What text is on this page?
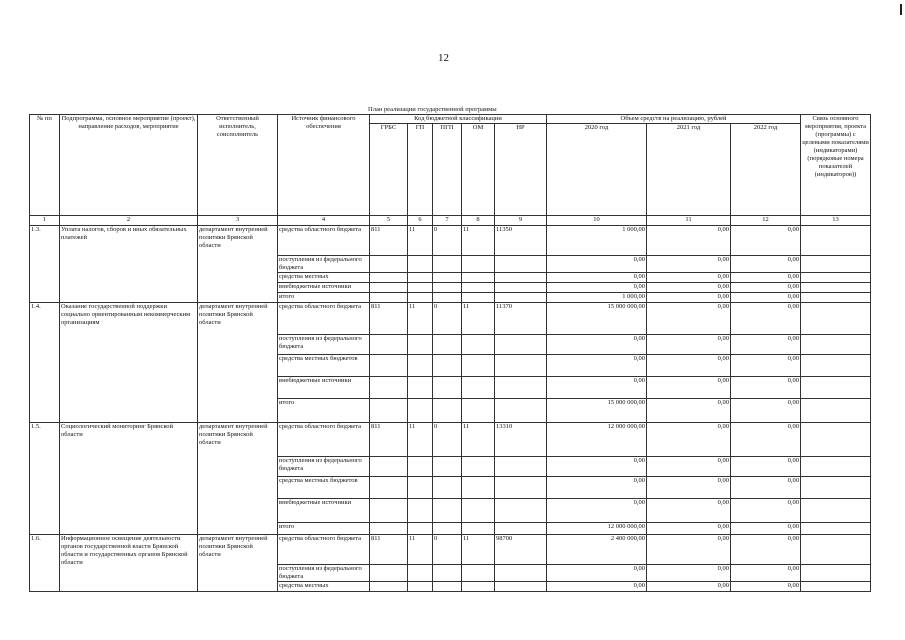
12
План реализации государственной программы
№ пп	Подпрограмма, основное мероприятие (проект), направление расходов, мероприятие	Ответственный исполнитель, соисполнитель	Источник финансового обеспечения	Код бюджетной классификации					Объем средств на реализацию, рублей			Связь основного мероприятия, проекта (программы) с целевыми показателями (индикаторами) (порядковые номера показателей (индикаторов))
				ГРБС	ГП	ПГП	ОМ	НР	2020 год	2021 год	2022 год	
1	2	3	4	5	6	7	8	9	10	11	12	13
1.3.	Уплата налогов, сборов и иных обязательных платежей	департамент внутренней политики Брянской области	средства областного бюджета	811	11	0	11	11350	1 000,00	0,00	0,00	
			поступления из федерального бюджета						0,00	0,00	0,00	
			средства местных						0,00	0,00	0,00	
			внебюджетные источники						0,00	0,00	0,00	
			итого						1 000,00	0,00	0,00	
1.4.	Оказание государственной поддержки социально ориентированным некоммерческим организациям	департамент внутренней политики Брянской области	средства областного бюджета	811	11	0	11	11370	15 000 000,00	0,00	0,00	
			поступления из федерального бюджета						0,00	0,00	0,00	
			средства местных бюджетов						0,00	0,00	0,00	
			внебюджетные источники						0,00	0,00	0,00	
			итого						15 000 000,00	0,00	0,00	
1.5.	Социологический мониторинг Брянской области	департамент внутренней политики Брянской области	средства областного бюджета	811	11	0	11	13310	12 000 000,00	0,00	0,00	
			поступления из федерального бюджета						0,00	0,00	0,00	
			средства местных бюджетов						0,00	0,00	0,00	
			внебюджетные источники						0,00	0,00	0,00	
			итого						12 000 000,00	0,00	0,00	
1.6.	Информационное освещение деятельности органов государственной власти Брянской области и государственных органов Брянской области	департамент внутренней политики Брянской области	средства областного бюджета	811	11	0	11	98700	2 400 000,00	0,00	0,00	
			поступления из федерального бюджета						0,00	0,00	0,00	
			средства местных						0,00	0,00	0,00	
